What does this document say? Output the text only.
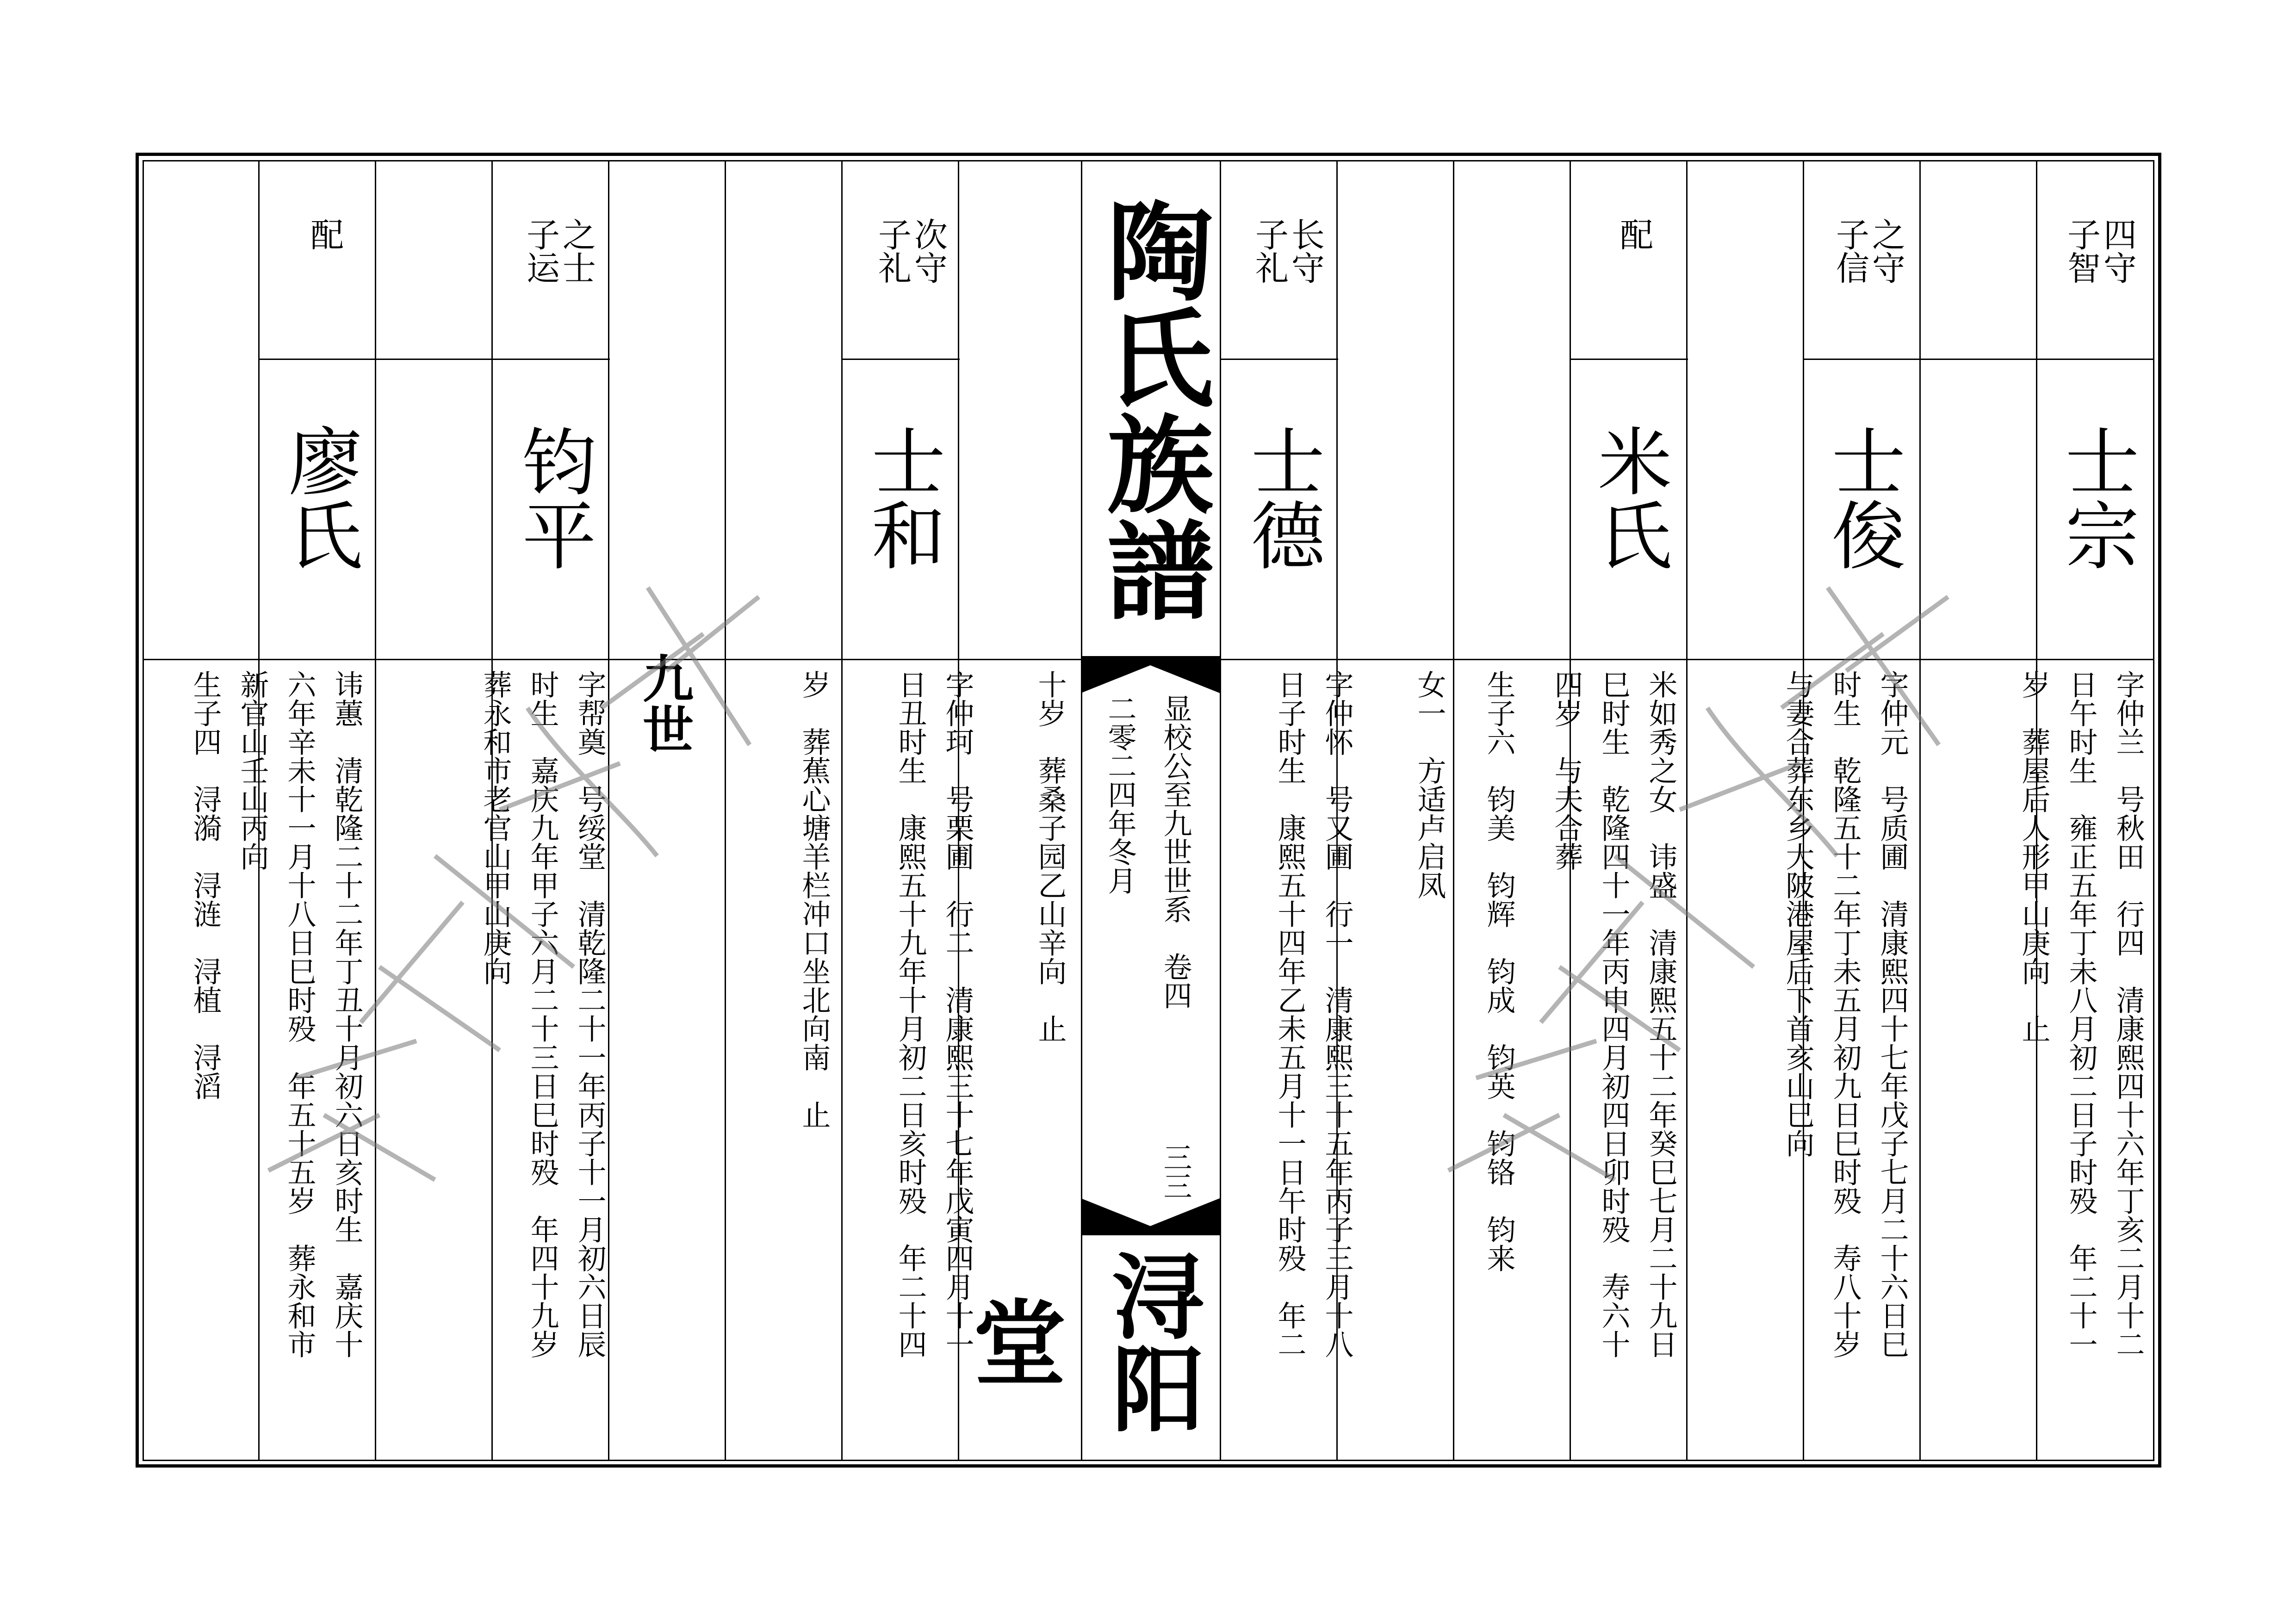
陶氏族譜
显校公至九世世系　卷四
二零二四年冬月
三三
浔阳堂
九世
四守
子智
士宗
字仲兰　号秋田　行四　清康熙四十六年丁亥二月十二
日午时生　雍正五年丁未八月初二日子时殁　年二十一
岁　葬屋后人形甲山庚向　止
之守
子信
士俊
字仲元　号质圃　清康熙四十七年戊子七月二十六日巳
时生　乾隆五十二年丁未五月初九日巳时殁　寿八十岁
与妻合葬东乡大陂港屋后下首亥山巳向
配
米氏
米如秀之女　讳盛　清康熙五十二年癸巳七月二十九日
巳时生　乾隆四十一年丙申四月初四日卯时殁　寿六十
四岁　与夫合葬
生子六　钧美　钧辉　钧成　钧英　钧铬　钧来
女一　方适卢启凤
长守
子礼
士德
字仲怀　号又圃　行一　清康熙三十五年丙子三月十八
日子时生　康熙五十四年乙未五月十一日午时殁　年二
十岁　葬桑子园乙山辛向　止
次守
子礼
士和
字仲珂　号栗圃　行二　清康熙三十七年戊寅四月十一
日丑时生　康熙五十九年十月初二日亥时殁　年二十四
岁　葬蕉心塘羊栏冲口坐北向南　止
之士
子运
钧平
字帮奠　号绥堂　清乾隆二十一年丙子十一月初六日辰
时生　嘉庆九年甲子六月二十三日巳时殁　年四十九岁
葬永和市老官山甲山庚向
配
廖氏
讳蕙　清乾隆二十二年丁丑十月初六日亥时生　嘉庆十
六年辛未十一月十八日巳时殁　年五十五岁　葬永和市
新官山壬山丙向
生子四　浔漪　浔涟　浔植　浔滔
